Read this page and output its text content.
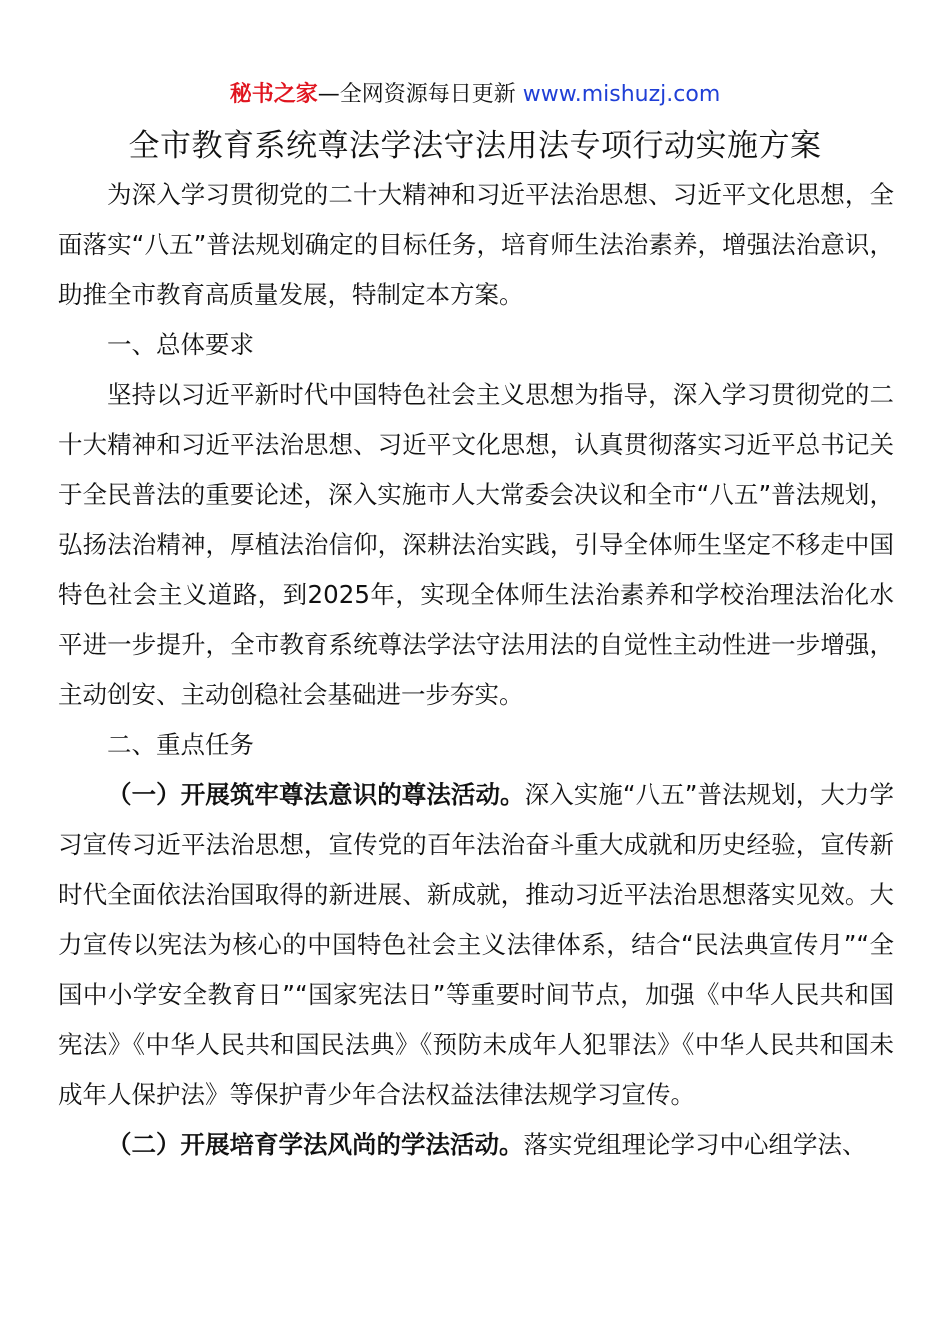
秘书之家—全网资源每日更新 www.mishuzj.com
全市教育系统尊法学法守法用法专项行动实施方案

为深入学习贯彻党的二十大精神和习近平法治思想、习近平文化思想，全面落实“八五”普法规划确定的目标任务，培育师生法治素养，增强法治意识，助推全市教育高质量发展，特制定本方案。

一、总体要求

坚持以习近平新时代中国特色社会主义思想为指导，深入学习贯彻党的二十大精神和习近平法治思想、习近平文化思想，认真贯彻落实习近平总书记关于全民普法的重要论述，深入实施市人大常委会决议和全市“八五”普法规划，弘扬法治精神，厚植法治信仰，深耕法治实践，引导全体师生坚定不移走中国特色社会主义道路，到2025年，实现全体师生法治素养和学校治理法治化水平进一步提升，全市教育系统尊法学法守法用法的自觉性主动性进一步增强，主动创安、主动创稳社会基础进一步夯实。

二、重点任务

（一）开展筑牢尊法意识的尊法活动。深入实施“八五”普法规划，大力学习宣传习近平法治思想，宣传党的百年法治奋斗重大成就和历史经验，宣传新时代全面依法治国取得的新进展、新成就，推动习近平法治思想落实见效。大力宣传以宪法为核心的中国特色社会主义法律体系，结合“民法典宣传月”“全国中小学安全教育日”“国家宪法日”等重要时间节点，加强《中华人民共和国宪法》《中华人民共和国民法典》《预防未成年人犯罪法》《中华人民共和国未成年人保护法》等保护青少年合法权益法律法规学习宣传。

（二）开展培育学法风尚的学法活动。落实党组理论学习中心组学法、
